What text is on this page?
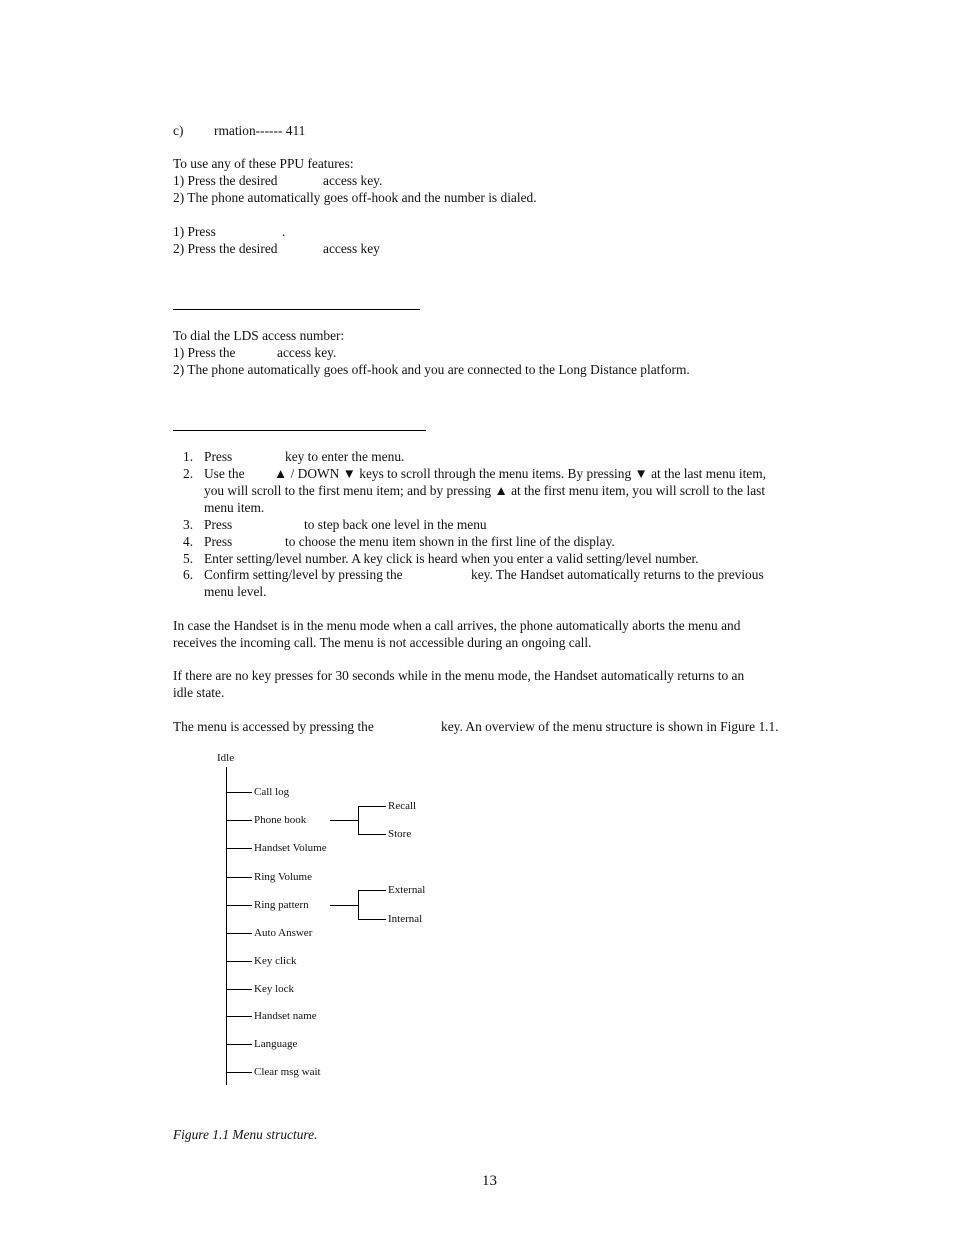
c) rmation------ 411
To use any of these PPU features:
1) Press the desired	access key.
2) The phone automatically goes off-hook and the number is dialed.
1) Press	.
2) Press the desired	access key
To dial the LDS access number:
1) Press the	access key.
2) The phone automatically goes off-hook and you are connected to the Long Distance platform.
1. Press	key to enter the menu.
2. Use the ▲ / DOWN ▼ keys to scroll through the menu items. By pressing ▼ at the last menu item,
you will scroll to the first menu item; and by pressing ▲ at the first menu item, you will scroll to the last
menu item.
3. Press	to step back one level in the menu
4. Press	to choose the menu item shown in the first line of the display.
5. Enter setting/level number. A key click is heard when you enter a valid setting/level number.
6. Confirm setting/level by pressing the	key. The Handset automatically returns to the previous
menu level.
In case the Handset is in the menu mode when a call arrives, the phone automatically aborts the menu and
receives the incoming call. The menu is not accessible during an ongoing call.
If there are no key presses for 30 seconds while in the menu mode, the Handset automatically returns to an
idle state.
The menu is accessed by pressing the	key. An overview of the menu structure is shown in Figure 1.1.
Idle
Call log
Phone book
Recall
Store
Handset Volume
Ring Volume
Ring pattern
External
Internal
Auto Answer
Key click
Key lock
Handset name
Language
Clear msg wait
Figure 1.1 Menu structure.
13
